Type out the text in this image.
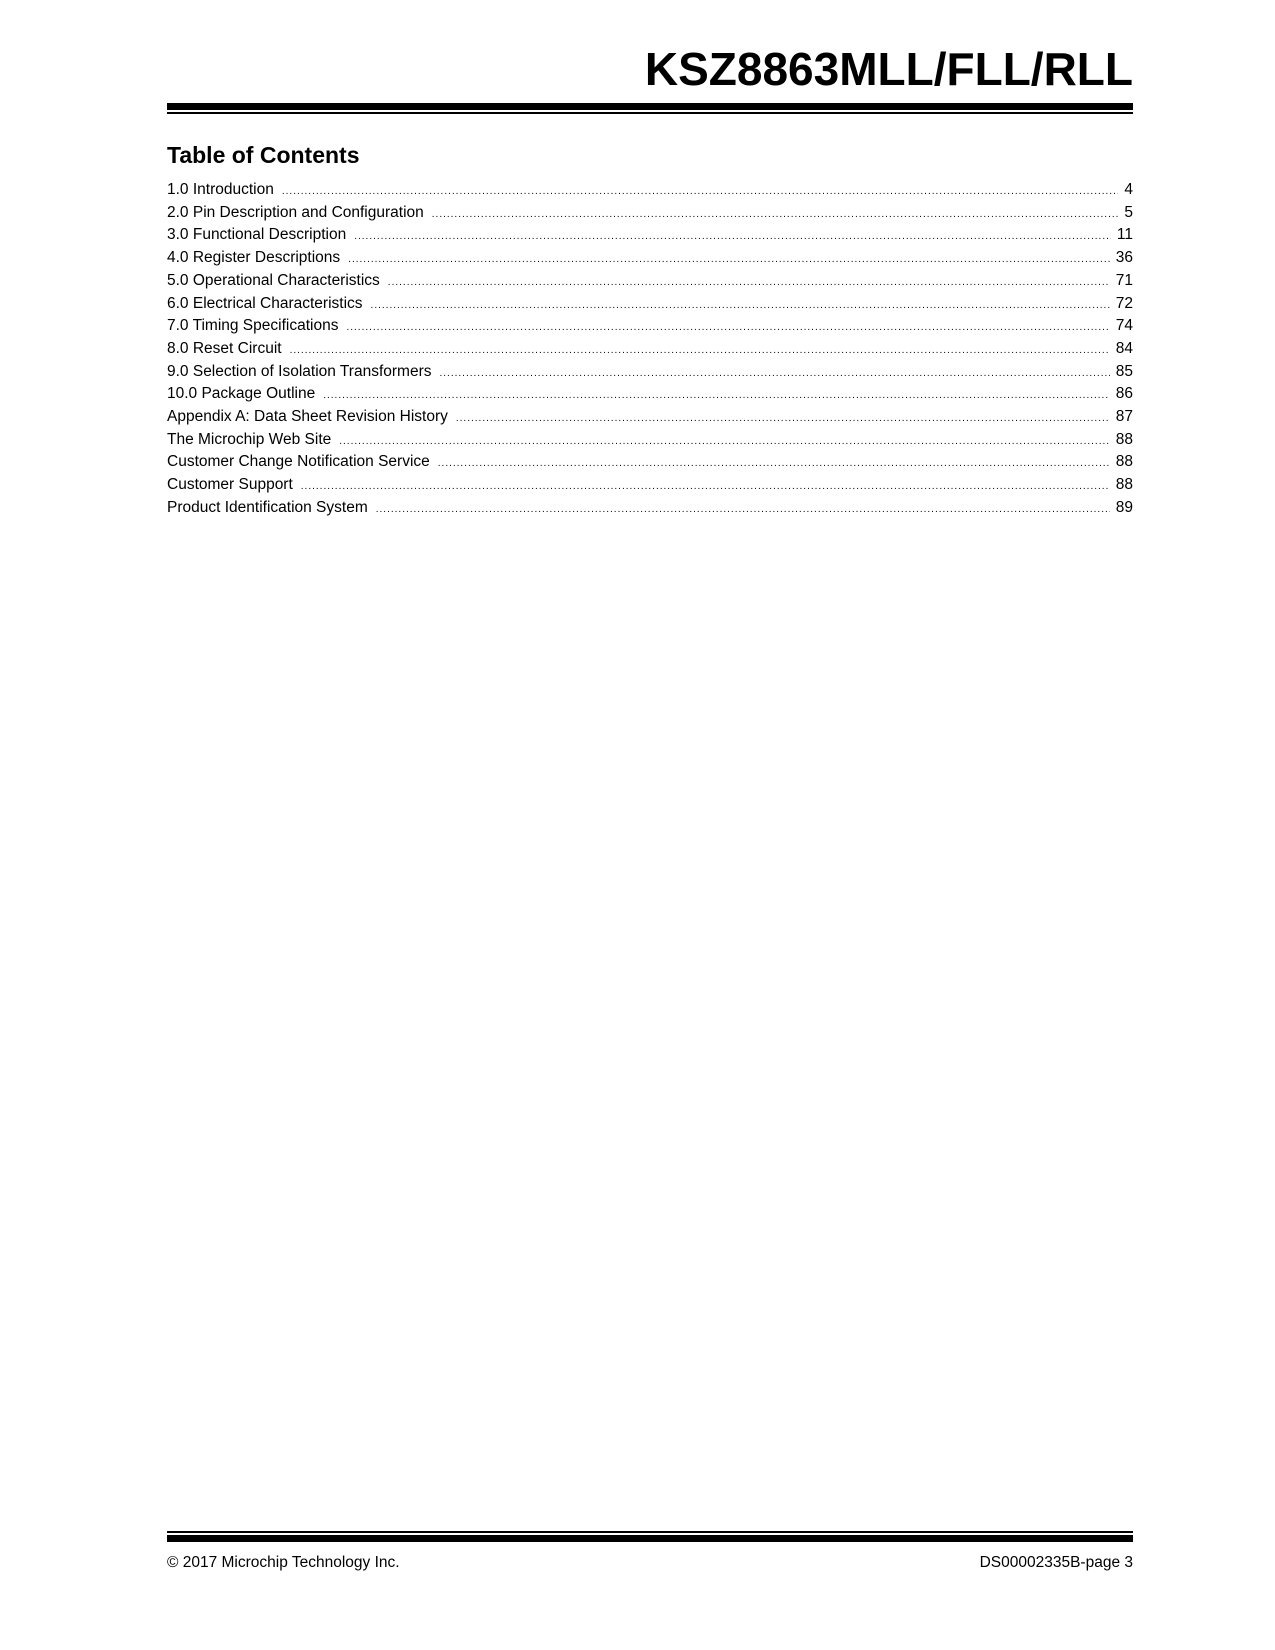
KSZ8863MLL/FLL/RLL
Table of Contents
1.0 Introduction .....	4
2.0 Pin Description and Configuration .....	5
3.0 Functional Description .....	11
4.0 Register Descriptions .....	36
5.0 Operational Characteristics .....	71
6.0 Electrical Characteristics .....	72
7.0 Timing Specifications .....	74
8.0 Reset Circuit .....	84
9.0 Selection of Isolation Transformers .....	85
10.0 Package Outline .....	86
Appendix A: Data Sheet Revision History .....	87
The Microchip Web Site .....	88
Customer Change Notification Service .....	88
Customer Support .....	88
Product Identification System .....	89
© 2017 Microchip Technology Inc.	DS00002335B-page 3
